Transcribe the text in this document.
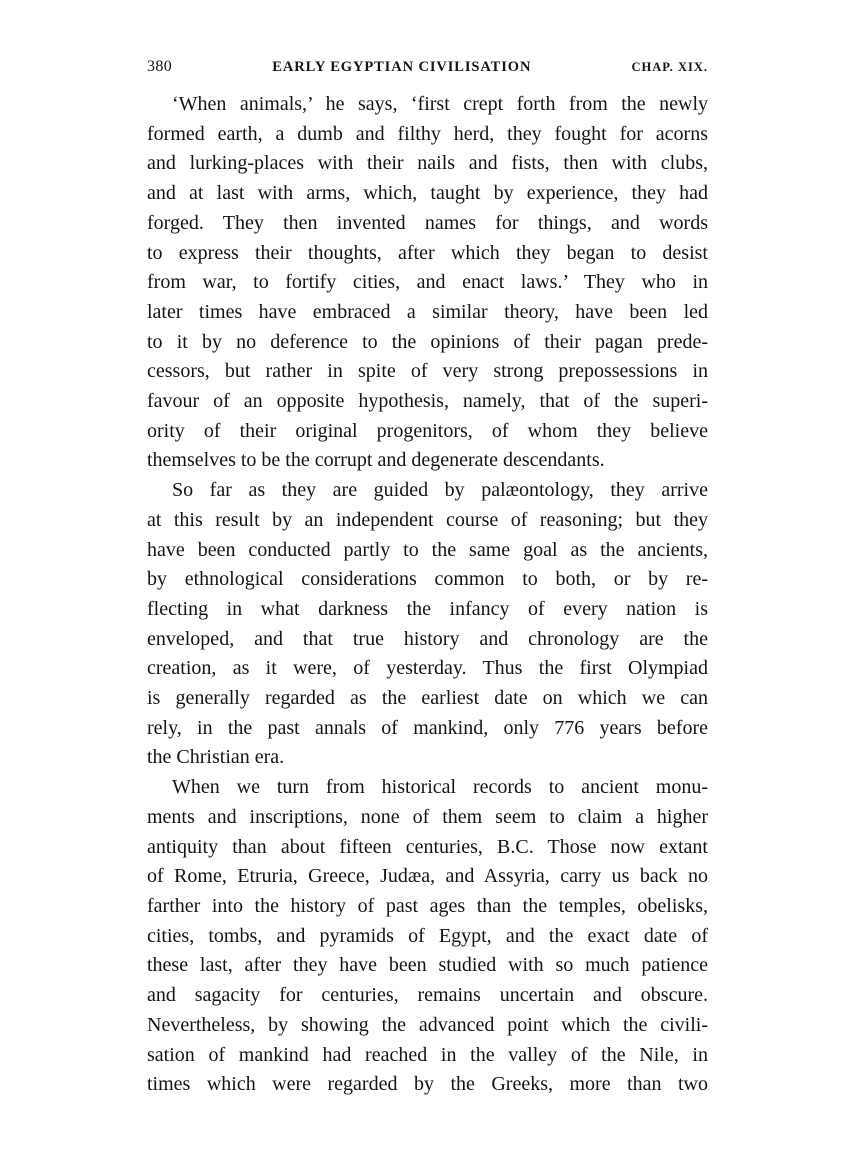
380	EARLY EGYPTIAN CIVILISATION	CHAP. XIX.

‘When animals,’ he says, ‘first crept forth from the newly
formed earth, a dumb and filthy herd, they fought for acorns
and lurking-places with their nails and fists, then with clubs,
and at last with arms, which, taught by experience, they had
forged. They then invented names for things, and words
to express their thoughts, after which they began to desist
from war, to fortify cities, and enact laws.’ They who in
later times have embraced a similar theory, have been led
to it by no deference to the opinions of their pagan prede-
cessors, but rather in spite of very strong prepossessions in
favour of an opposite hypothesis, namely, that of the superi-
ority of their original progenitors, of whom they believe
themselves to be the corrupt and degenerate descendants.

So far as they are guided by palæontology, they arrive
at this result by an independent course of reasoning; but they
have been conducted partly to the same goal as the ancients,
by ethnological considerations common to both, or by re-
flecting in what darkness the infancy of every nation is
enveloped, and that true history and chronology are the
creation, as it were, of yesterday. Thus the first Olympiad
is generally regarded as the earliest date on which we can
rely, in the past annals of mankind, only 776 years before
the Christian era.

When we turn from historical records to ancient monu-
ments and inscriptions, none of them seem to claim a higher
antiquity than about fifteen centuries, B.C. Those now extant
of Rome, Etruria, Greece, Judæa, and Assyria, carry us back no
farther into the history of past ages than the temples, obelisks,
cities, tombs, and pyramids of Egypt, and the exact date of
these last, after they have been studied with so much patience
and sagacity for centuries, remains uncertain and obscure.
Nevertheless, by showing the advanced point which the civili-
sation of mankind had reached in the valley of the Nile, in
times which were regarded by the Greeks, more than two
